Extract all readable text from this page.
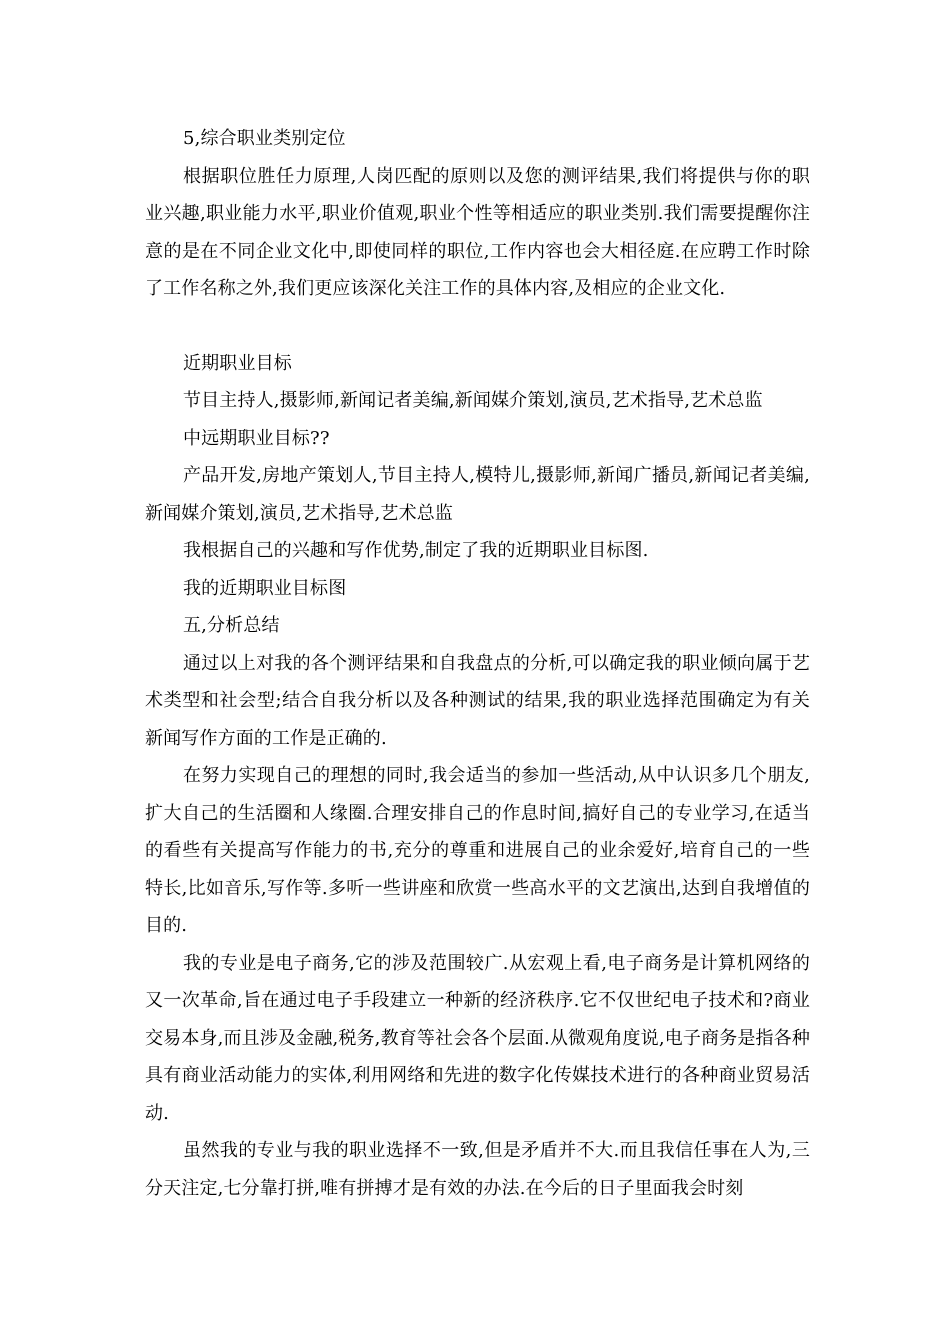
5,综合职业类别定位

根据职位胜任力原理,人岗匹配的原则以及您的测评结果,我们将提供与你的职业兴趣,职业能力水平,职业价值观,职业个性等相适应的职业类别.我们需要提醒你注意的是在不同企业文化中,即使同样的职位,工作内容也会大相径庭.在应聘工作时除了工作名称之外,我们更应该深化关注工作的具体内容,及相应的企业文化.

近期职业目标

节目主持人,摄影师,新闻记者美编,新闻媒介策划,演员,艺术指导,艺术总监

中远期职业目标??

产品开发,房地产策划人,节目主持人,模特儿,摄影师,新闻广播员,新闻记者美编,新闻媒介策划,演员,艺术指导,艺术总监

我根据自己的兴趣和写作优势,制定了我的近期职业目标图.

我的近期职业目标图

五,分析总结

通过以上对我的各个测评结果和自我盘点的分析,可以确定我的职业倾向属于艺术类型和社会型;结合自我分析以及各种测试的结果,我的职业选择范围确定为有关新闻写作方面的工作是正确的.

在努力实现自己的理想的同时,我会适当的参加一些活动,从中认识多几个朋友,扩大自己的生活圈和人缘圈.合理安排自己的作息时间,搞好自己的专业学习,在适当的看些有关提高写作能力的书,充分的尊重和进展自己的业余爱好,培育自己的一些特长,比如音乐,写作等.多听一些讲座和欣赏一些高水平的文艺演出,达到自我增值的目的.

我的专业是电子商务,它的涉及范围较广.从宏观上看,电子商务是计算机网络的又一次革命,旨在通过电子手段建立一种新的经济秩序.它不仅世纪电子技术和?商业交易本身,而且涉及金融,税务,教育等社会各个层面.从微观角度说,电子商务是指各种具有商业活动能力的实体,利用网络和先进的数字化传媒技术进行的各种商业贸易活动.

虽然我的专业与我的职业选择不一致,但是矛盾并不大.而且我信任事在人为,三分天注定,七分靠打拼,唯有拼搏才是有效的办法.在今后的日子里面我会时刻
